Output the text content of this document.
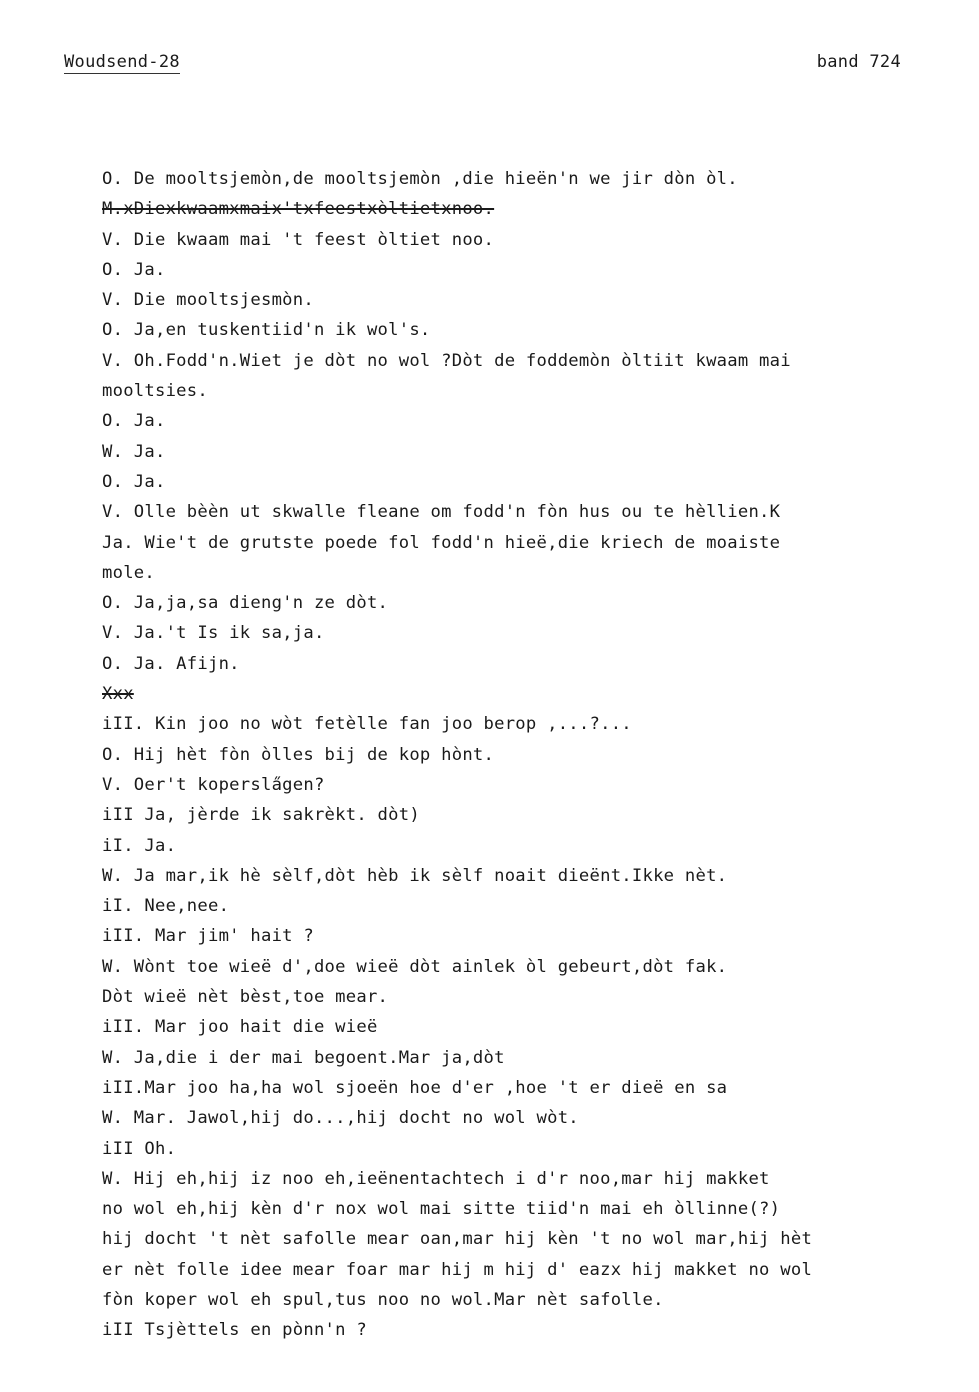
Woudsend-28	band 724
O. De mooltsjemòn,de mooltsjemòn ,die hieën'n we jir dòn òl.
M.xDiexkwaamxmaix'txfeestxòltietxnoo.
V. Die kwaam mai 't feest òltiet noo.
O. Ja.
V. Die mooltsjesmòn.
O. Ja,en tuskentiid'n ik wol's.
V. Oh.Fodd'n.Wiet je dòt no wol ?Dòt de foddemòn òltiit kwaam mai
mooltsies.
O. Ja.
W. Ja.
O. Ja.
V. Olle bèèn ut skwalle fleane om fodd'n fòn hus ou te hèllien.K
Ja. Wie't de grutste poede fol fodd'n hieë,die kriech de moaiste
mole.
O. Ja,ja,sa dieng'n ze dòt.
V. Ja.'t Is ik sa,ja.
O. Ja. Afijn.
Xxx
iII. Kin joo no wòt fetèlle fan joo berop ,...?...
O. Hij hèt fòn òlles bij de kop hònt.
V. Oer't kopersla̋gen?
iII Ja, jèrde ik sakrèkt. dòt)
iI. Ja.
W. Ja mar,ik hè sèlf,dòt hèb ik sèlf noait dieënt.Ikke nèt.
iI. Nee,nee.
iII. Mar jim' hait ?
W. Wònt toe wieë d',doe wieë dòt ainlek òl gebeurt,dòt fak.
Dòt wieë nèt bèst,toe mear.
iII. Mar joo hait die wieë
W. Ja,die i der mai begoent.Mar ja,dòt
iII.Mar joo ha,ha wol sjoeën hoe d'er ,hoe 't er dieë en sa
W. Mar. Jawol,hij do...,hij docht no wol wòt.
iII Oh.
W. Hij eh,hij iz noo eh,ieënentachtech i d'r noo,mar hij makket
no wol eh,hij kèn d'r nox wol mai sitte tiid'n mai eh òllinne(?)
hij docht 't nèt safolle mear oan,mar hij kèn 't no wol mar,hij hèt
er nèt folle idee mear foar mar hij m hij d' eazx hij makket no wol
fòn koper wol eh spul,tus noo no wol.Mar nèt safolle.
iII Tsjèttels en pònn'n ?
